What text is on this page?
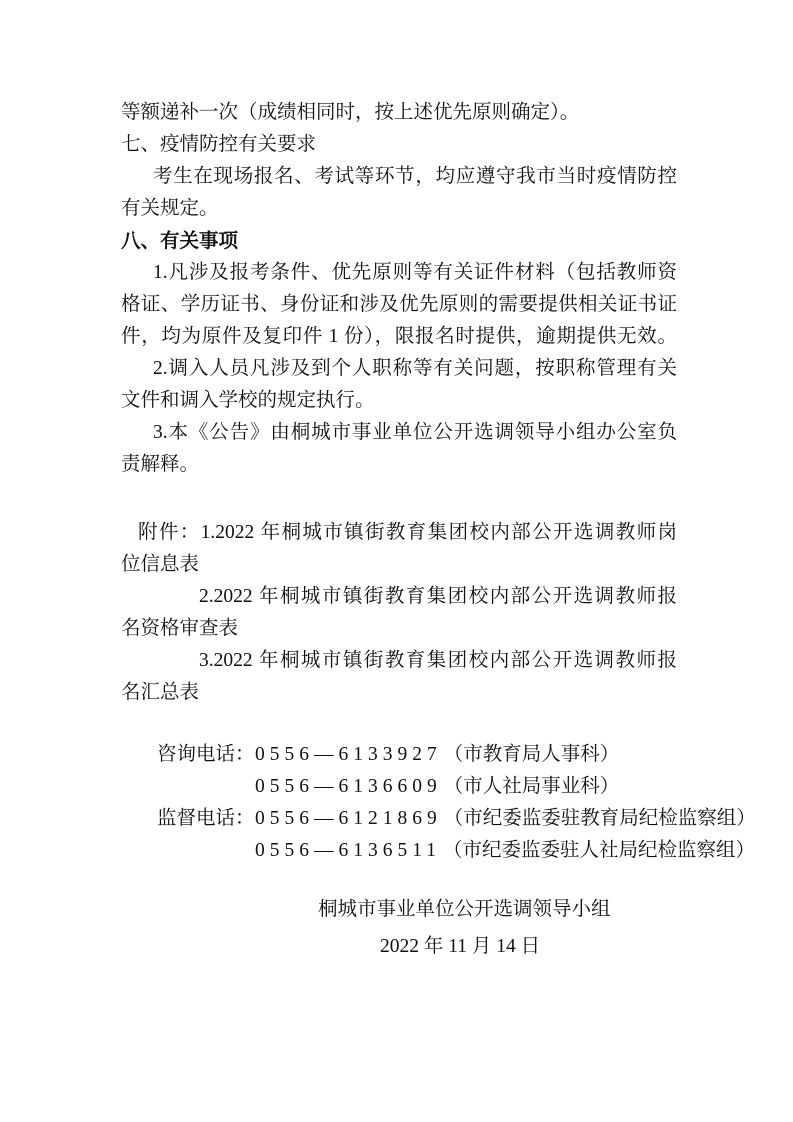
等额递补一次（成绩相同时，按上述优先原则确定）。
七、疫情防控有关要求
考生在现场报名、考试等环节，均应遵守我市当时疫情防控
有关规定。
八、有关事项
1.凡涉及报考条件、优先原则等有关证件材料（包括教师资
格证、学历证书、身份证和涉及优先原则的需要提供相关证书证
件，均为原件及复印件 1 份），限报名时提供，逾期提供无效。
2.调入人员凡涉及到个人职称等有关问题，按职称管理有关
文件和调入学校的规定执行。
3.本《公告》由桐城市事业单位公开选调领导小组办公室负
责解释。
附件：1.2022 年桐城市镇街教育集团校内部公开选调教师岗
位信息表
2.2022 年桐城市镇街教育集团校内部公开选调教师报
名资格审查表
3.2022 年桐城市镇街教育集团校内部公开选调教师报
名汇总表
咨询电话：0556—6133927 （市教育局人事科）
0556—6136609 （市人社局事业科）
监督电话：0556—6121869 （市纪委监委驻教育局纪检监察组）
0556—6136511 （市纪委监委驻人社局纪检监察组）
桐城市事业单位公开选调领导小组
2022 年 11 月 14 日
